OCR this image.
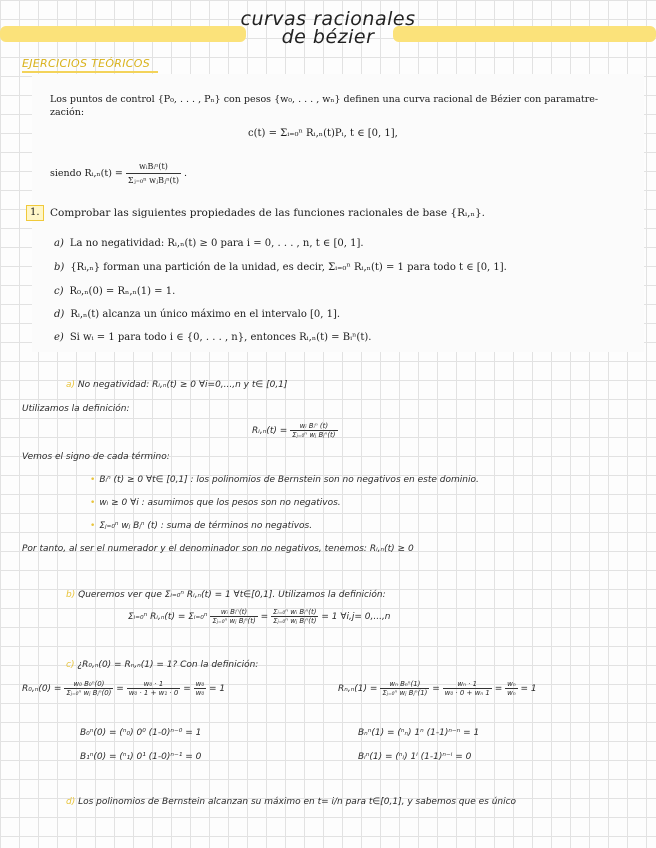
curvas racionales
de bézier
EJERCICIOS TEÓRICOS
Los puntos de control {P₀, . . . , Pₙ} con pesos {w₀, . . . , wₙ} definen una curva racional de Bézier con paramatre-
zación:
c(t) = Σᵢ₌₀ⁿ Rᵢ,ₙ(t)Pᵢ, t ∈ [0, 1],
siendo Rᵢ,ₙ(t) = $\frac{\text{wᵢBᵢⁿ(t)}}{\text{Σⱼ₌₀ⁿ wⱼBⱼⁿ(t)}}$ .
1. Comprobar las siguientes propiedades de las funciones racionales de base {Rᵢ,ₙ}.
a) La no negatividad: Rᵢ,ₙ(t) ≥ 0 para i = 0, . . . , n, t ∈ [0, 1].
b) {Rᵢ,ₙ} forman una partición de la unidad, es decir, Σᵢ₌₀ⁿ Rᵢ,ₙ(t) = 1 para todo t ∈ [0, 1].
c) R₀,ₙ(0) = Rₙ,ₙ(1) = 1.
d) Rᵢ,ₙ(t) alcanza un único máximo en el intervalo [0, 1].
e) Si wᵢ = 1 para todo i ∈ {0, . . . , n}, entonces Rᵢ,ₙ(t) = Bᵢⁿ(t).
a) No negatividad: Rᵢ,ₙ(t) ≥ 0 ∀i=0,...,n y t∈ [0,1]
Utilizamos la definición:
Rᵢ,ₙ(t) = $\frac{\text{wᵢ Bᵢⁿ (t)}}{\text{Σⱼ₌₀ⁿ wⱼ Bⱼⁿ(t)}}$
Vemos el signo de cada término:
• Bᵢⁿ (t) ≥ 0 ∀t∈ [0,1] : los polinomios de Bernstein son no negativos en este dominio.
• wᵢ ≥ 0 ∀i : asumimos que los pesos son no negativos.
• Σⱼ₌₀ⁿ wⱼ Bⱼⁿ (t) : suma de términos no negativos.
Por tanto, al ser el numerador y el denominador son no negativos, tenemos: Rᵢ,ₙ(t) ≥ 0
b) Queremos ver que Σᵢ₌₀ⁿ Rᵢ,ₙ(t) = 1 ∀t∈[0,1]. Utilizamos la definición:
Σᵢ₌₀ⁿ Rᵢ,ₙ(t) = Σᵢ₌₀ⁿ $\frac{\text{wᵢ Bᵢⁿ(t)}}{\text{Σⱼ₌₀ⁿ wⱼ Bⱼⁿ(t)}} = \frac{\text{Σᵢ₌₀ⁿ wᵢ Bᵢⁿ(t)}}{\text{Σⱼ₌₀ⁿ wⱼ Bⱼⁿ(t)}} = 1$ ∀i,j= 0,...,n
c) ¿R₀,ₙ(0) = Rₙ,ₙ(1) = 1? Con la definición:
$R_0,_n(0) = \frac{\text{w₀ B₀ⁿ(0)}}{\text{Σⱼ₌₀ⁿ wⱼ Bⱼⁿ(0)}} = \frac{\text{w₀ · 1}}{\text{w₀ · 1 + w₁ · 0}} = \frac{\text{w₀}}{\text{w₀}} = 1$	$R_n,_n(1) = \frac{\text{wₙ Bₙⁿ(1)}}{\text{Σⱼ₌₀ⁿ wⱼ Bⱼⁿ(1)}} = \frac{\text{wₙ · 1}}{\text{w₀ · 0 + wₙ 1}} = \frac{\text{wₙ}}{\text{wₙ}} = 1$
B₀ⁿ(0) = (ⁿ₀) 0⁰ (1-0)ⁿ⁻⁰ = 1
B₁ⁿ(0) = (ⁿ₁) 0¹ (1-0)ⁿ⁻¹ = 0
Bₙⁿ(1) = (ⁿₙ) 1ⁿ (1-1)ⁿ⁻ⁿ = 1
Bᵢⁿ(1) = (ⁿᵢ) 1ⁱ (1-1)ⁿ⁻ⁱ = 0
d) Los polinomios de Bernstein alcanzan su máximo en t= i/n para t∈[0,1], y sabemos que es único
